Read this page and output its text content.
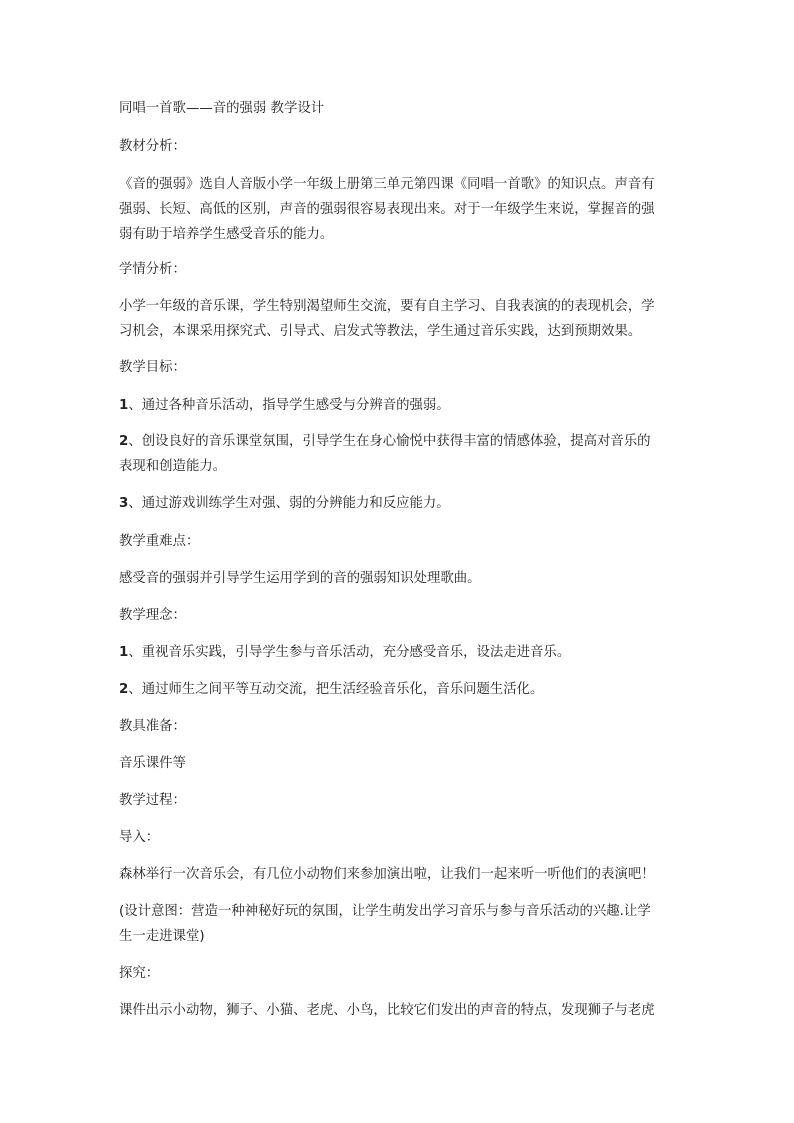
同唱一首歌——音的强弱 教学设计

教材分析：

《音的强弱》选自人音版小学一年级上册第三单元第四课《同唱一首歌》的知识点。声音有
强弱、长短、高低的区别，声音的强弱很容易表现出来。对于一年级学生来说，掌握音的强
弱有助于培养学生感受音乐的能力。

学情分析：

小学一年级的音乐课，学生特别渴望师生交流，要有自主学习、自我表演的的表现机会，学
习机会，本课采用探究式、引导式、启发式等教法，学生通过音乐实践，达到预期效果。

教学目标：

1、通过各种音乐活动，指导学生感受与分辨音的强弱。

2、创设良好的音乐课堂氛围，引导学生在身心愉悦中获得丰富的情感体验，提高对音乐的
表现和创造能力。

3、通过游戏训练学生对强、弱的分辨能力和反应能力。

教学重难点：

感受音的强弱并引导学生运用学到的音的强弱知识处理歌曲。

教学理念：

1、重视音乐实践，引导学生参与音乐活动，充分感受音乐，设法走进音乐。

2、通过师生之间平等互动交流，把生活经验音乐化，音乐问题生活化。

教具准备：

音乐课件等

教学过程：

导入：

森林举行一次音乐会，有几位小动物们来参加演出啦，让我们一起来听一听他们的表演吧！

(设计意图：营造一种神秘好玩的氛围，让学生萌发出学习音乐与参与音乐活动的兴趣.让学
生一走进课堂)

探究：

课件出示小动物，狮子、小猫、老虎、小鸟，比较它们发出的声音的特点，发现狮子与老虎
